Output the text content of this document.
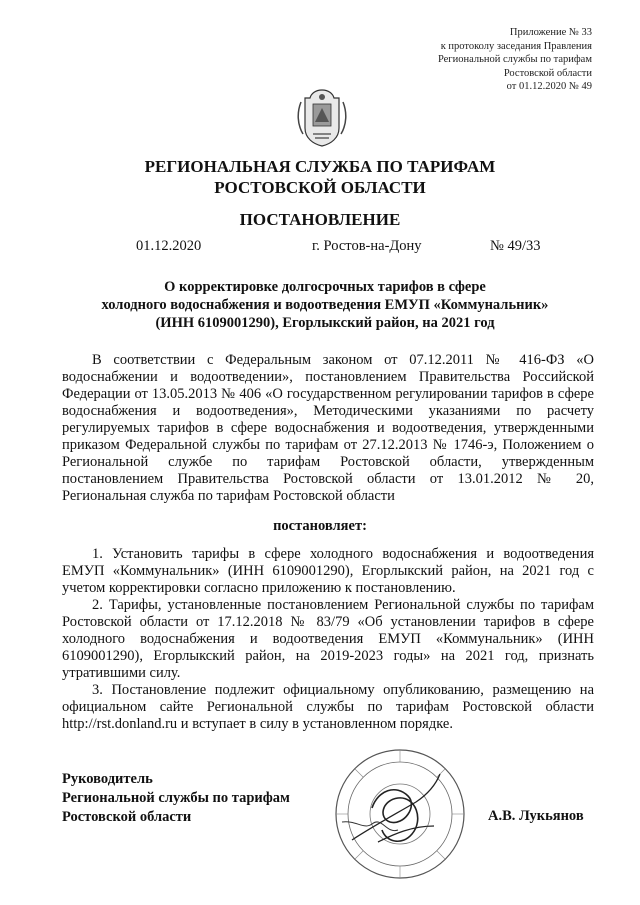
Приложение № 33
к протоколу заседания Правления
Региональной службы по тарифам
Ростовской области
от 01.12.2020 № 49
РЕГИОНАЛЬНАЯ СЛУЖБА ПО ТАРИФАМ
РОСТОВСКОЙ ОБЛАСТИ
ПОСТАНОВЛЕНИЕ
01.12.2020	г. Ростов-на-Дону	№ 49/33
О корректировке долгосрочных тарифов в сфере
холодного водоснабжения и водоотведения ЕМУП «Коммунальник»
(ИНН 6109001290), Егорлыкский район, на 2021 год
В соответствии с Федеральным законом от 07.12.2011 № 416-ФЗ «О водоснабжении и водоотведении», постановлением Правительства Российской Федерации от 13.05.2013 № 406 «О государственном регулировании тарифов в сфере водоснабжения и водоотведения», Методическими указаниями по расчету регулируемых тарифов в сфере водоснабжения и водоотведения, утвержденными приказом Федеральной службы по тарифам от 27.12.2013 № 1746-э, Положением о Региональной службе по тарифам Ростовской области, утвержденным постановлением Правительства Ростовской области от 13.01.2012 № 20, Региональная служба по тарифам Ростовской области
постановляет:

1. Установить тарифы в сфере холодного водоснабжения и водоотведения ЕМУП «Коммунальник» (ИНН 6109001290), Егорлыкский район, на 2021 год с учетом корректировки согласно приложению к постановлению.

2. Тарифы, установленные постановлением Региональной службы по тарифам Ростовской области от 17.12.2018 № 83/79 «Об установлении тарифов в сфере холодного водоснабжения и водоотведения ЕМУП «Коммунальник» (ИНН 6109001290), Егорлыкский район, на 2019-2023 годы» на 2021 год, признать утратившими силу.

3. Постановление подлежит официальному опубликованию, размещению на официальном сайте Региональной службы по тарифам Ростовской области http://rst.donland.ru и вступает в силу в установленном порядке.

Руководитель
Региональной службы по тарифам
Ростовской области	А.В. Лукьянов
